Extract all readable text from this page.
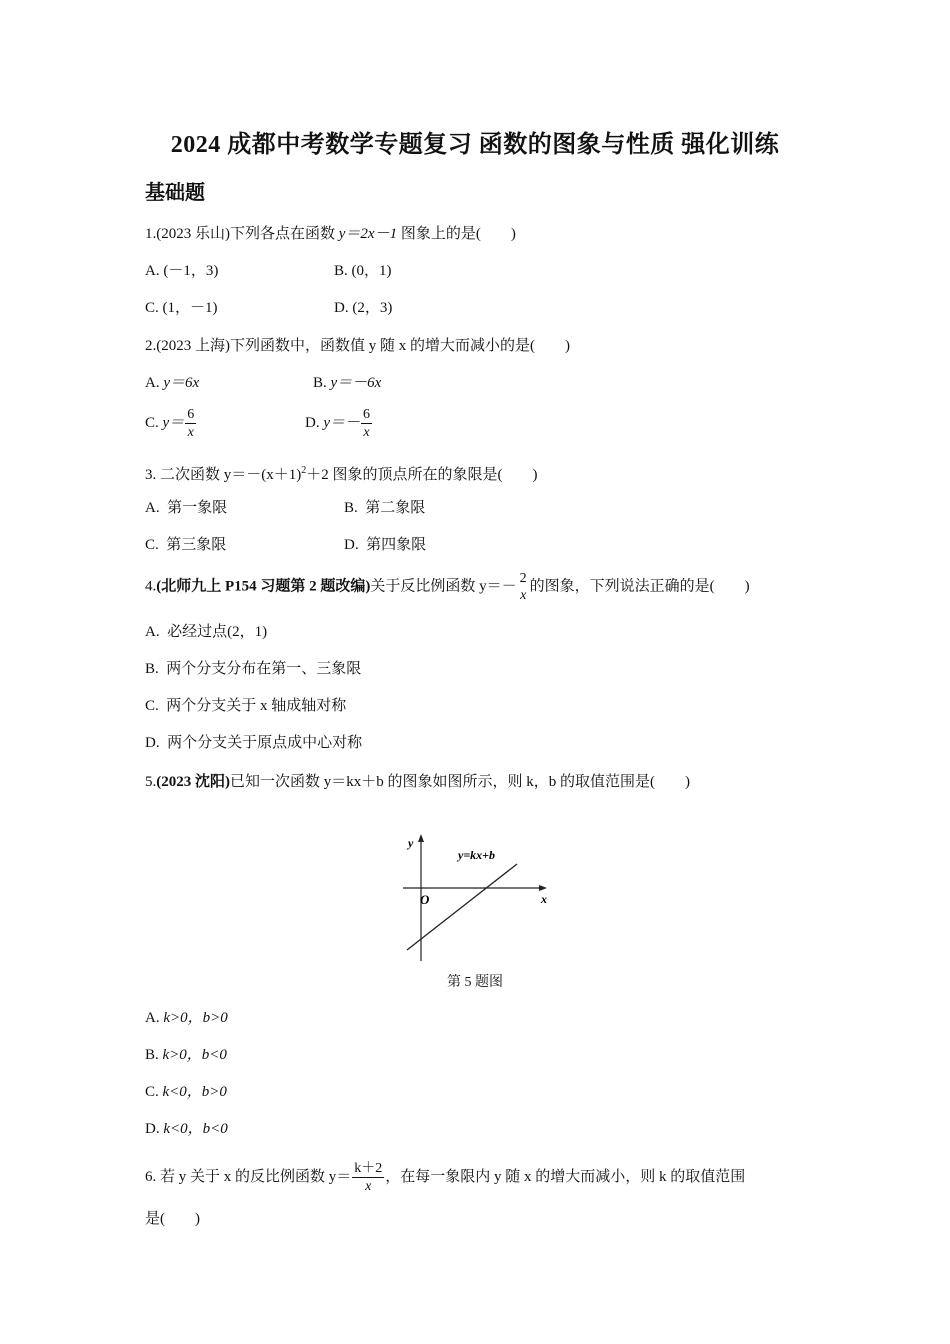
2024 成都中考数学专题复习 函数的图象与性质 强化训练
基础题
1.(2023 乐山)下列各点在函数 y＝2x－1 图象上的是(　　)
A. (－1，3)	B. (0，1)
C. (1，－1)	D. (2，3)
2.(2023 上海)下列函数中，函数值 y 随 x 的增大而减小的是(　　)
A. y＝6x	B. y＝－6x
C. $y= \frac{6}{x}$	D. $y=- \frac{6}{x}$
3. 二次函数 $y=-(x+1)^2+2$ 图象的顶点所在的象限是(　　)
A. 第一象限	B. 第二象限
C. 第三象限	D. 第四象限
4.(北师九上 P154 习题第 2 题改编)关于反比例函数 y＝－ 2
x
的图象，下列说法正确的是(　　)
A. 必经过点(2，1)
B. 两个分支分布在第一、三象限
C. 两个分支关于 x 轴成轴对称
D. 两个分支关于原点成中心对称
5.(2023 沈阳)已知一次函数 y＝kx＋b 的图象如图所示，则 k，b 的取值范围是(　　)
y
x
O
y=kx+b
第 5 题图
A. k>0，b>0
B. k>0，b<0
C. k<0，b>0
D. k<0，b<0
6. 若 y 关于 x 的反比例函数 $y= \frac{k+2}{x}$ ，在每一象限内 y 随 x 的增大而减小，则 k 的取值范围
是(　　)
